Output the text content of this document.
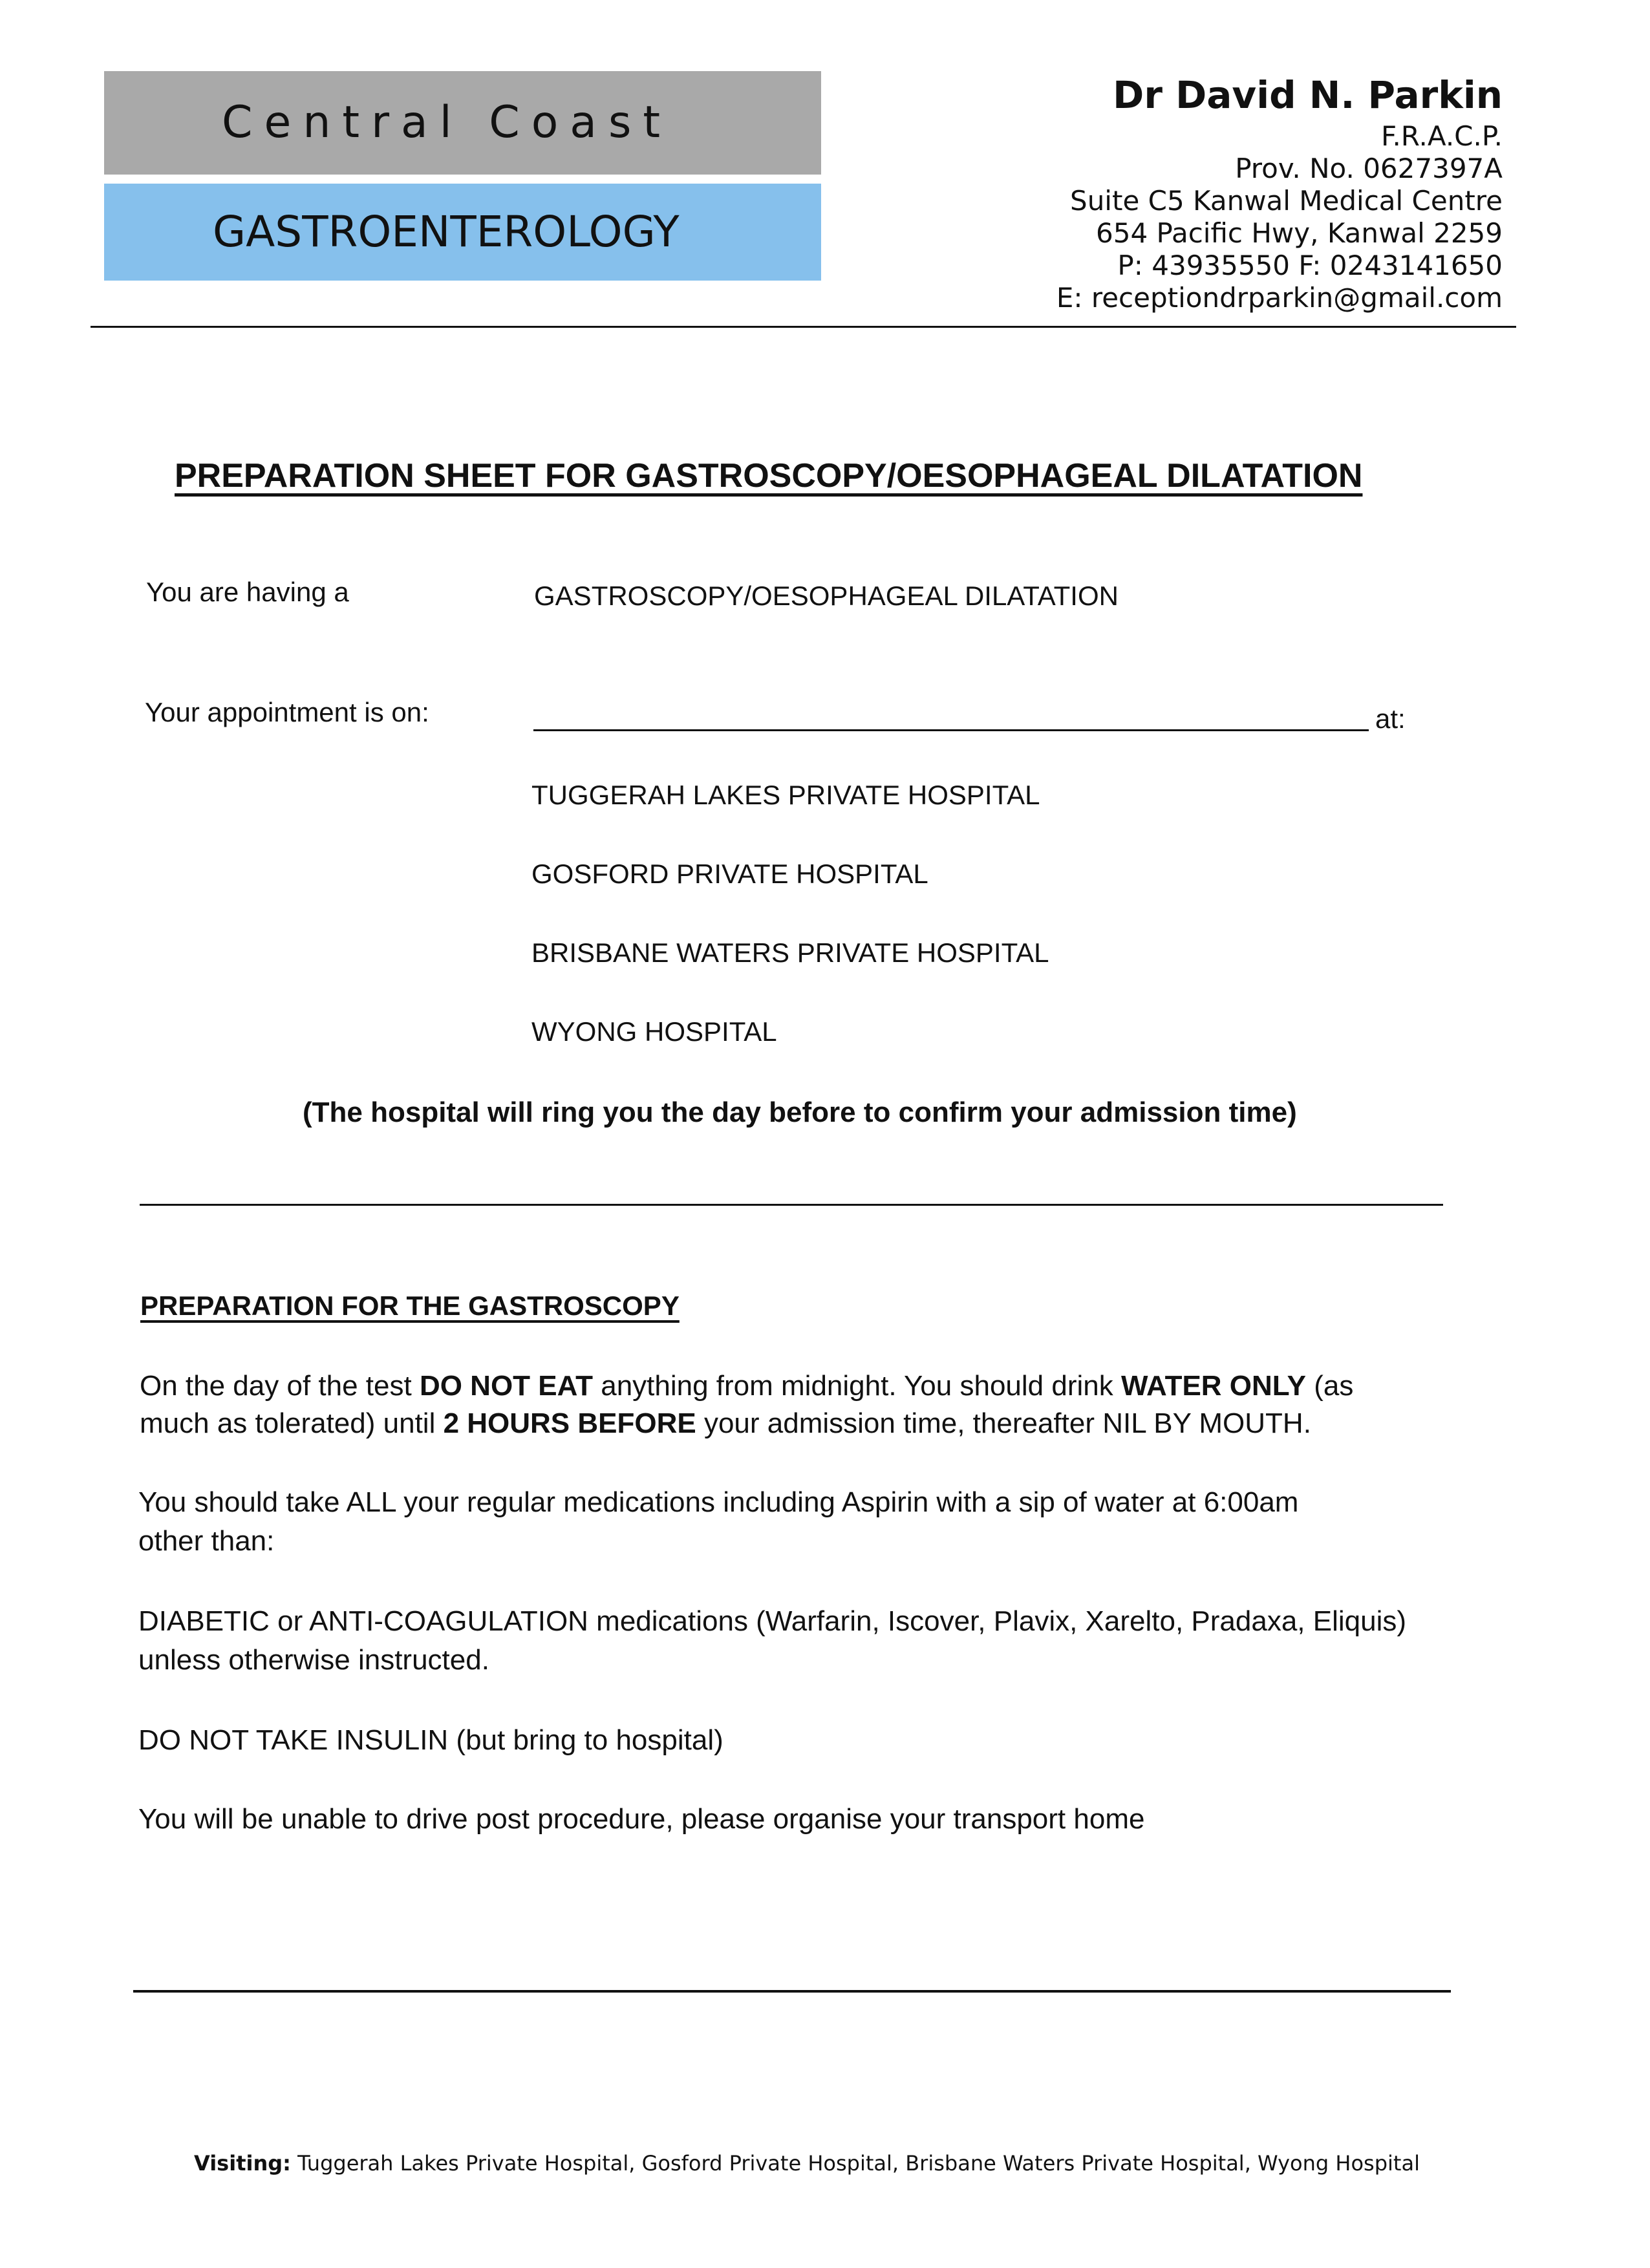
Central Coast
GASTROENTEROLOGY
Dr David N. Parkin
F.R.A.C.P.
Prov. No. 0627397A
Suite C5 Kanwal Medical Centre
654 Pacific Hwy, Kanwal 2259
P: 43935550 F: 0243141650
E: receptiondrparkin@gmail.com
PREPARATION SHEET FOR GASTROSCOPY/OESOPHAGEAL DILATATION
You are having a	GASTROSCOPY/OESOPHAGEAL DILATATION
Your appointment is on:	at:
TUGGERAH LAKES PRIVATE HOSPITAL
GOSFORD PRIVATE HOSPITAL
BRISBANE WATERS PRIVATE HOSPITAL
WYONG HOSPITAL
(The hospital will ring you the day before to confirm your admission time)
PREPARATION FOR THE GASTROSCOPY
On the day of the test DO NOT EAT anything from midnight. You should drink WATER ONLY (as
much as tolerated) until 2 HOURS BEFORE your admission time, thereafter NIL BY MOUTH.
You should take ALL your regular medications including Aspirin with a sip of water at 6:00am
other than:
DIABETIC or ANTI-COAGULATION medications (Warfarin, Iscover, Plavix, Xarelto, Pradaxa, Eliquis)
unless otherwise instructed.
DO NOT TAKE INSULIN (but bring to hospital)
You will be unable to drive post procedure, please organise your transport home
Visiting: Tuggerah Lakes Private Hospital, Gosford Private Hospital, Brisbane Waters Private Hospital, Wyong Hospital
